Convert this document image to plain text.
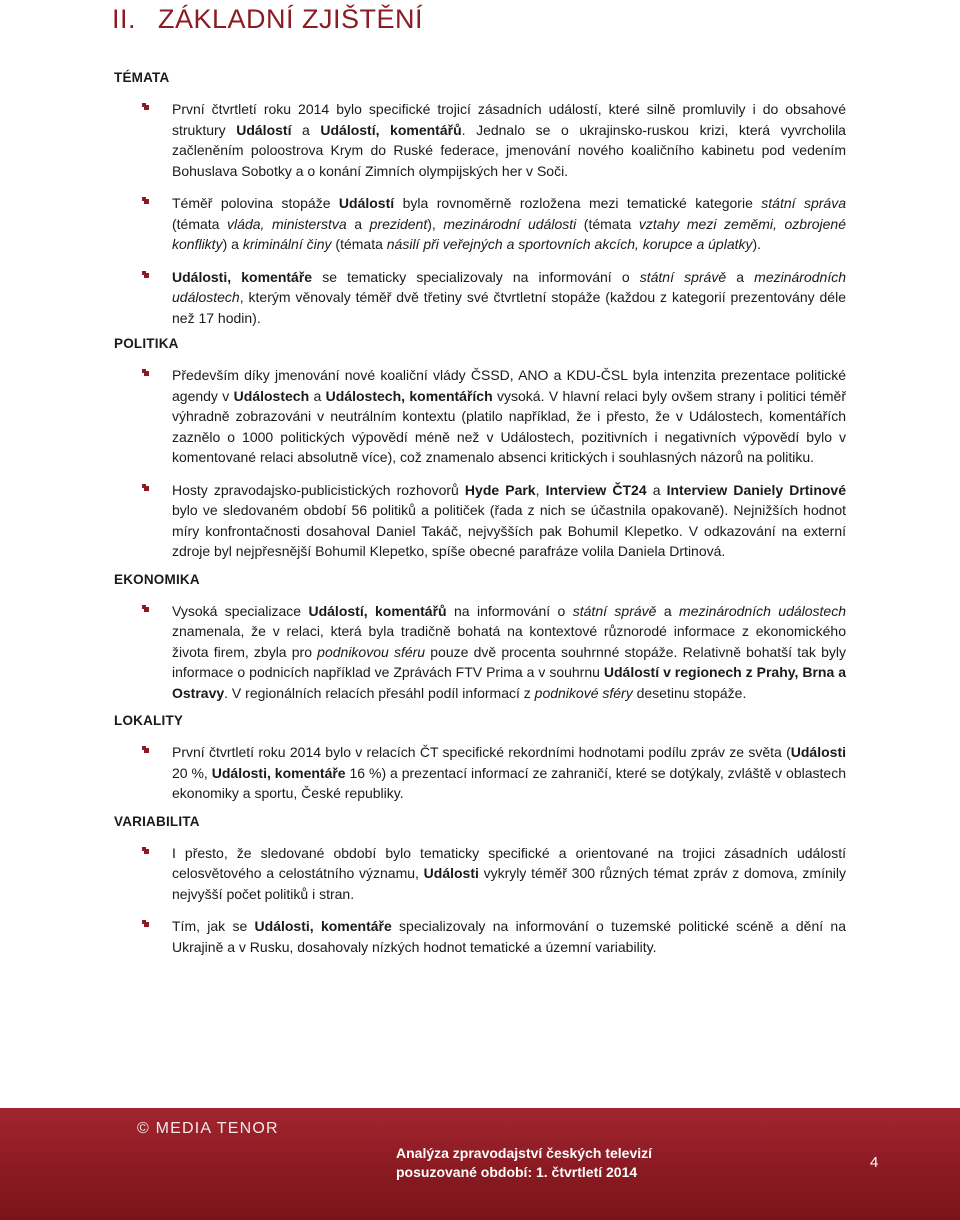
II. ZÁKLADNÍ ZJIŠTĚNÍ
TÉMATA
První čtvrtletí roku 2014 bylo specifické trojicí zásadních událostí, které silně promluvily i do obsahové struktury Událostí a Událostí, komentářů. Jednalo se o ukrajinsko-ruskou krizi, která vyvrcholila začleněním poloostrova Krym do Ruské federace, jmenování nového koaličního kabinetu pod vedením Bohuslava Sobotky a o konání Zimních olympijských her v Soči.
Téměř polovina stopáže Událostí byla rovnoměrně rozložena mezi tematické kategorie státní správa (témata vláda, ministerstva a prezident), mezinárodní události (témata vztahy mezi zeměmi, ozbrojené konflikty) a kriminální činy (témata násilí při veřejných a sportovních akcích, korupce a úplatky).
Události, komentáře se tematicky specializovaly na informování o státní správě a mezinárodních událostech, kterým věnovaly téměř dvě třetiny své čtvrtletní stopáže (každou z kategorií prezentovány déle než 17 hodin).
POLITIKA
Především díky jmenování nové koaliční vlády ČSSD, ANO a KDU-ČSL byla intenzita prezentace politické agendy v Událostech a Událostech, komentářích vysoká. V hlavní relaci byly ovšem strany i politici téměř výhradně zobrazováni v neutrálním kontextu (platilo například, že i přesto, že v Událostech, komentářích zaznělo o 1000 politických výpovědí méně než v Událostech, pozitivních i negativních výpovědí bylo v komentované relaci absolutně více), což znamenalo absenci kritických i souhlasných názorů na politiku.
Hosty zpravodajsko-publicistických rozhovorů Hyde Park, Interview ČT24 a Interview Daniely Drtinové bylo ve sledovaném období 56 politiků a političek (řada z nich se účastnila opakovaně). Nejnižších hodnot míry konfrontačnosti dosahoval Daniel Takáč, nejvyšších pak Bohumil Klepetko. V odkazování na externí zdroje byl nejpřesnější Bohumil Klepetko, spíše obecné parafráze volila Daniela Drtinová.
EKONOMIKA
Vysoká specializace Událostí, komentářů na informování o státní správě a mezinárodních událostech znamenala, že v relaci, která byla tradičně bohatá na kontextové různorodé informace z ekonomického života firem, zbyla pro podnikovou sféru pouze dvě procenta souhrnné stopáže. Relativně bohatší tak byly informace o podnicích například ve Zprávách FTV Prima a v souhrnu Událostí v regionech z Prahy, Brna a Ostravy. V regionálních relacích přesáhl podíl informací z podnikové sféry desetinu stopáže.
LOKALITY
První čtvrtletí roku 2014 bylo v relacích ČT specifické rekordními hodnotami podílu zpráv ze světa (Události 20 %, Události, komentáře 16 %) a prezentací informací ze zahraničí, které se dotýkaly, zvláště v oblastech ekonomiky a sportu, České republiky.
VARIABILITA
I přesto, že sledované období bylo tematicky specifické a orientované na trojici zásadních událostí celosvětového a celostátního významu, Události vykryly téměř 300 různých témat zpráv z domova, zmínily nejvyšší počet politiků i stran.
Tím, jak se Události, komentáře specializovaly na informování o tuzemské politické scéně a dění na Ukrajině a v Rusku, dosahovaly nízkých hodnot tematické a územní variability.
© MEDIA TENOR
Analýza zpravodajství českých televizí
posuzované období: 1. čtvrtletí 2014
4
